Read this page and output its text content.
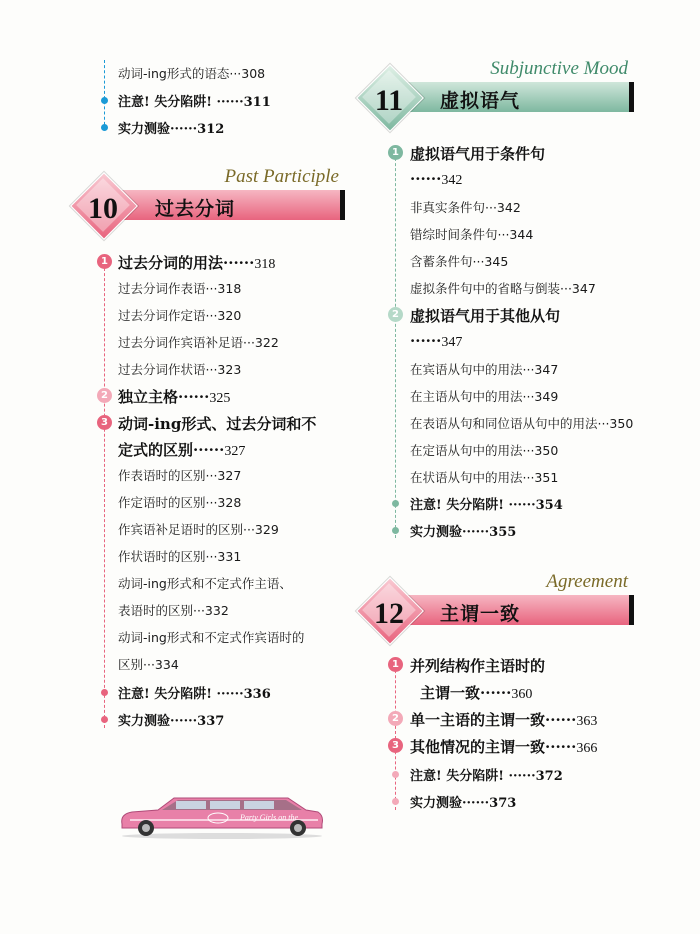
动词-ing形式的语态···308
注意! 失分陷阱! ······311
实力测验······312
过去分词
Past Participle
10
1 过去分词的用法······318
过去分词作表语···318
过去分词作定语···320
过去分词作宾语补足语···322
过去分词作状语···323
2 独立主格······325
3 动词-ing形式、过去分词和不
定式的区别······327
作表语时的区别···327
作定语时的区别···328
作宾语补足语时的区别···329
作状语时的区别···331
动词-ing形式和不定式作主语、
表语时的区别···332
动词-ing形式和不定式作宾语时的
区别···334
注意! 失分陷阱! ······336
实力测验······337
Party Girls on the
虚拟语气
Subjunctive Mood
11
1 虚拟语气用于条件句
······342
非真实条件句···342
错综时间条件句···344
含蓄条件句···345
虚拟条件句中的省略与倒装···347
2 虚拟语气用于其他从句
······347
在宾语从句中的用法···347
在主语从句中的用法···349
在表语从句和同位语从句中的用法···350
在定语从句中的用法···350
在状语从句中的用法···351
注意! 失分陷阱! ······354
实力测验······355
主谓一致
Agreement
12
1 并列结构作主语时的
主谓一致······360
2 单一主语的主谓一致······363
3 其他情况的主谓一致······366
注意! 失分陷阱! ······372
实力测验······373
